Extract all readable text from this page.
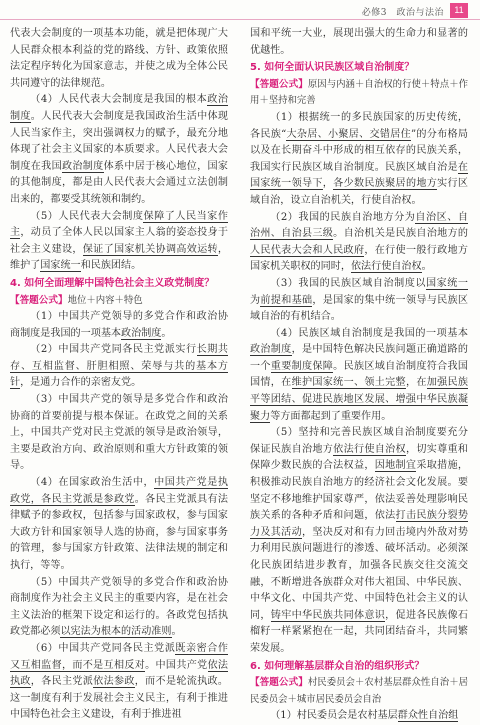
必修3　政治与法治	11
代表大会制度的一项基本功能，就是把体现广大人民群众根本利益的党的路线、方针、政策依照法定程序转化为国家意志，并使之成为全体公民共同遵守的法律规范。
（4）人民代表大会制度是我国的根本政治制度。人民代表大会制度是我国政治生活中体现人民当家作主，突出强调权力的赋予，最充分地体现了社会主义国家的本质要求。人民代表大会制度在我国政治制度体系中居于核心地位，国家的其他制度，都是由人民代表大会通过立法创制出来的，都要受其统领和制约。
（5）人民代表大会制度保障了人民当家作主，动员了全体人民以国家主人翁的姿态投身于社会主义建设，保证了国家机关协调高效运转，维护了国家统一和民族团结。
4. 如何全面理解中国特色社会主义政党制度？
【答题公式】地位＋内容＋特色
（1）中国共产党领导的多党合作和政治协商制度是我国的一项基本政治制度。
（2）中国共产党同各民主党派实行长期共存、互相监督、肝胆相照、荣辱与共的基本方针，是通力合作的亲密友党。
（3）中国共产党的领导是多党合作和政治协商的首要前提与根本保证。在政党之间的关系上，中国共产党对民主党派的领导是政治领导，主要是政治方向、政治原则和重大方针政策的领导。
（4）在国家政治生活中，中国共产党是执政党，各民主党派是参政党。各民主党派具有法律赋予的参政权，包括参与国家政权，参与国家大政方针和国家领导人选的协商，参与国家事务的管理，参与国家方针政策、法律法规的制定和执行，等等。
（5）中国共产党领导的多党合作和政治协商制度作为社会主义民主的重要内容，是在社会主义法治的框架下设定和运行的。各政党包括执政党都必须以宪法为根本的活动准则。
（6）中国共产党同各民主党派既亲密合作又互相监督，而不是互相反对。中国共产党依法执政，各民主党派依法参政，而不是轮流执政。这一制度有利于发展社会主义民主，有利于推进中国特色社会主义建设，有利于推进祖
国和平统一大业，展现出强大的生命力和显著的优越性。
5. 如何全面认识民族区域自治制度？
【答题公式】原因与内涵＋自治权的行使＋特点＋作用＋坚持和完善
（1）根据统一的多民族国家的历史传统，各民族“大杂居、小聚居、交错居住”的分布格局以及在长期奋斗中形成的相互依存的民族关系，我国实行民族区域自治制度。民族区域自治是在国家统一领导下，各少数民族聚居的地方实行区域自治，设立自治机关，行使自治权。
（2）我国的民族自治地方分为自治区、自治州、自治县三级。自治机关是民族自治地方的人民代表大会和人民政府，在行使一般行政地方国家机关职权的同时，依法行使自治权。
（3）我国的民族区域自治制度以国家统一为前提和基础，是国家的集中统一领导与民族区域自治的有机结合。
（4）民族区域自治制度是我国的一项基本政治制度，是中国特色解决民族问题正确道路的一个重要制度保障。民族区域自治制度符合我国国情，在维护国家统一、领土完整，在加强民族平等团结、促进民族地区发展、增强中华民族凝聚力等方面都起到了重要作用。
（5）坚持和完善民族区域自治制度要充分保证民族自治地方依法行使自治权，切实尊重和保障少数民族的合法权益，因地制宜采取措施，积极推动民族自治地方的经济社会文化发展。要坚定不移地维护国家尊严，依法妥善处理影响民族关系的各种矛盾和问题，依法打击民族分裂势力及其活动，坚决反对和有力回击境内外敌对势力利用民族问题进行的渗透、破坏活动。必须深化民族团结进步教育，加强各民族交往交流交融，不断增进各族群众对伟大祖国、中华民族、中华文化、中国共产党、中国特色社会主义的认同，铸牢中华民族共同体意识，促进各民族像石榴籽一样紧紧抱在一起，共同团结奋斗，共同繁荣发展。
6. 如何理解基层群众自治的组织形式？
【答题公式】村民委员会＋农村基层群众性自治＋居民委员会＋城市居民委员会自治
（1）村民委员会是农村基层群众性自治组
